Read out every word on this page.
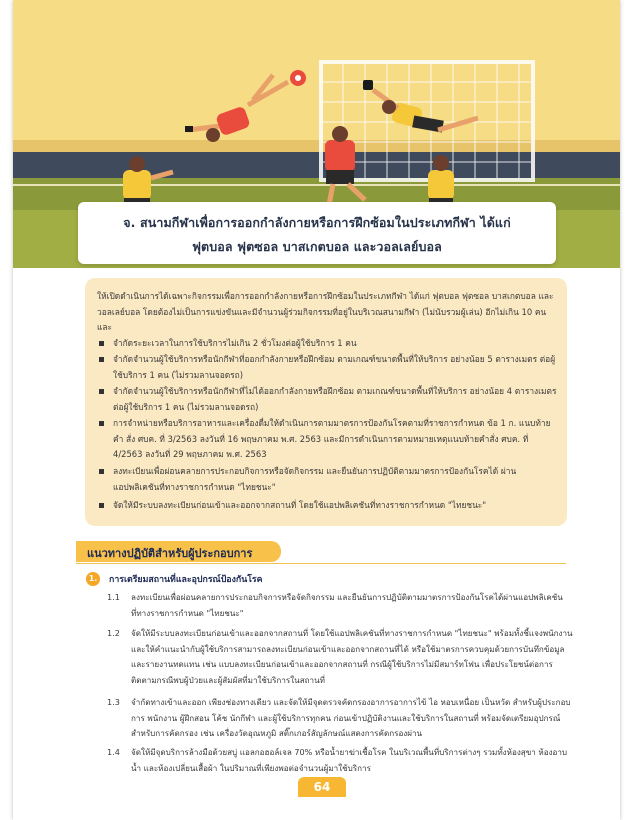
จ. สนามกีฬาเพื่อการออกกำลังกายหรือการฝึกซ้อมในประเภทกีฬา ได้แก่
ฟุตบอล ฟุตซอล บาสเกตบอล และวอลเลย์บอล
ให้เปิดดำเนินการได้เฉพาะกิจกรรมเพื่อการออกกำลังกายหรือการฝึกซ้อมในประเภทกีฬา ได้แก่ ฟุตบอล ฟุตซอล บาสเกตบอล และวอลเลย์บอล โดยต้องไม่เป็นการแข่งขันและมีจำนวนผู้ร่วมกิจกรรมที่อยู่ในบริเวณสนามกีฬา (ไม่นับรวมผู้เล่น) อีกไม่เกิน 10 คน และ
จำกัดระยะเวลาในการใช้บริการไม่เกิน 2 ชั่วโมงต่อผู้ใช้บริการ 1 คน
จำกัดจำนวนผู้ใช้บริการหรือนักกีฬาที่ออกกำลังกายหรือฝึกซ้อม ตามเกณฑ์ขนาดพื้นที่ให้บริการ อย่างน้อย 5 ตารางเมตร ต่อผู้ใช้บริการ 1 คน (ไม่รวมลานจอดรถ)
จำกัดจำนวนผู้ใช้บริการหรือนักกีฬาที่ไม่ได้ออกกำลังกายหรือฝึกซ้อม ตามเกณฑ์ขนาดพื้นที่ให้บริการ อย่างน้อย 4 ตารางเมตร ต่อผู้ใช้บริการ 1 คน (ไม่รวมลานจอดรถ)
การจำหน่ายหรือบริการอาหารและเครื่องดื่มให้ดำเนินการตามมาตรการป้องกันโรคตามที่ราชการกำหนด ข้อ 1 ก. แนบท้ายคำ สั่ง ศบค. ที่ 3/2563 ลงวันที่ 16 พฤษภาคม พ.ศ. 2563 และมีการดำเนินการตามหมายเหตุแนบท้ายคำสั่ง ศบค. ที่ 4/2563 ลงวันที่ 29 พฤษภาคม พ.ศ. 2563
ลงทะเบียนเพื่อผ่อนคลายการประกอบกิจการหรือจัดกิจกรรม และยืนยันการปฏิบัติตามมาตรการป้องกันโรคได้ ผ่านแอปพลิเคชันที่ทางราชการกำหนด "ไทยชนะ"
จัดให้มีระบบลงทะเบียนก่อนเข้าและออกจากสถานที่ โดยใช้แอปพลิเคชันที่ทางราชการกำหนด "ไทยชนะ"
แนวทางปฏิบัติสำหรับผู้ประกอบการ
1.	การเตรียมสถานที่และอุปกรณ์ป้องกันโรค
1.1 ลงทะเบียนเพื่อผ่อนคลายการประกอบกิจการหรือจัดกิจกรรม และยืนยันการปฏิบัติตามมาตรการป้องกันโรคได้ผ่านแอปพลิเคชันที่ทางราชการกำหนด "ไทยชนะ"
1.2 จัดให้มีระบบลงทะเบียนก่อนเข้าและออกจากสถานที่ โดยใช้แอปพลิเคชันที่ทางราชการกำหนด "ไทยชนะ" พร้อมทั้งชี้แจงพนักงานและให้คำแนะนำกับผู้ใช้บริการสามารถลงทะเบียนก่อนเข้าและออกจากสถานที่ได้ หรือใช้มาตรการควบคุมด้วยการบันทึกข้อมูลและรายงานทดแทน เช่น แบบลงทะเบียนก่อนเข้าและออกจากสถานที่ กรณีผู้ใช้บริการไม่มีสมาร์ทโฟน เพื่อประโยชน์ต่อการติดตามกรณีพบผู้ป่วยและผู้สัมผัสที่มาใช้บริการในสถานที่
1.3 จำกัดทางเข้าและออก เพียงช่องทางเดียว และจัดให้มีจุดตรวจคัดกรองอาการอาการไข้ ไอ หอบเหนื่อย เป็นหวัด สำหรับผู้ประกอบการ พนักงาน ผู้ฝึกสอน โค้ช นักกีฬา และผู้ใช้บริการทุกคน ก่อนเข้าปฏิบัติงานและใช้บริการในสถานที่ พร้อมจัดเตรียมอุปกรณ์สำหรับการคัดกรอง เช่น เครื่องวัดอุณหภูมิ สติ๊กเกอร์สัญลักษณ์แสดงการคัดกรองผ่าน
1.4 จัดให้มีจุดบริการล้างมือด้วยสบู่ แอลกอฮอล์เจล 70% หรือน้ำยาฆ่าเชื้อโรค ในบริเวณพื้นที่บริการต่างๆ รวมทั้งห้องสุขา ห้องอาบน้ำ และห้องเปลี่ยนเสื้อผ้า ในปริมาณที่เพียงพอต่อจำนวนผู้มาใช้บริการ
64
